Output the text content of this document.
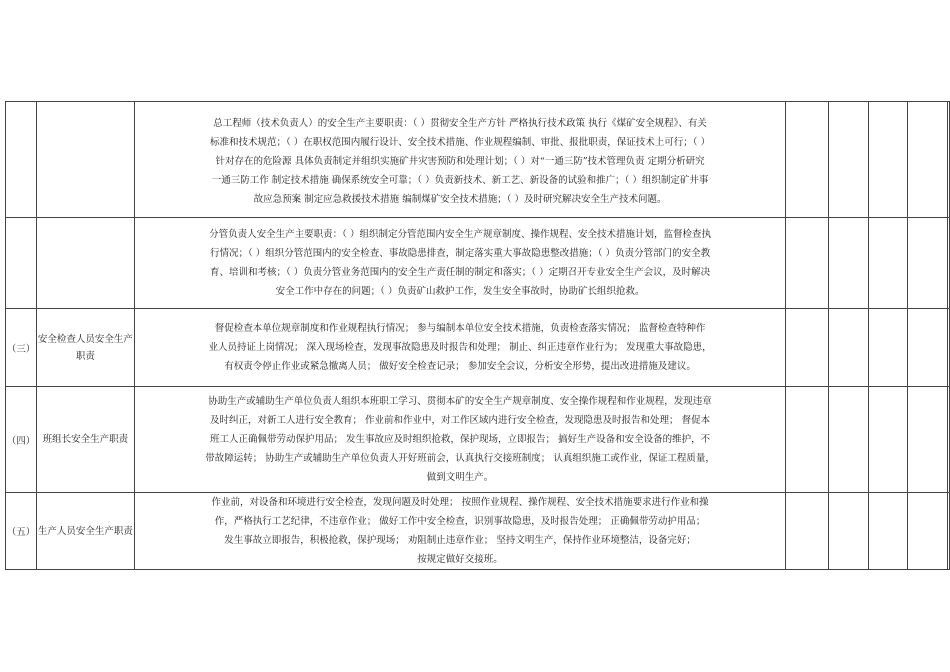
		总工程师（技术负责人）的安全生产主要职责：（ ）贯彻安全生产方针 严格执行技术政策 执行《煤矿安全规程》、有关
标准和技术规范；（ ）在职权范围内履行设计、安全技术措施、作业规程编制、审批、报批职责，保证技术上可行；（ ）
针对存在的危险源 具体负责制定并组织实施矿井灾害预防和处理计划；（ ）对“一通三防”技术管理负责 定期分析研究
一通三防工作 制定技术措施 确保系统安全可靠；（ ）负责新技术、新工艺、新设备的试验和推广；（ ）组织制定矿井事
故应急预案 制定应急救援技术措施 编制煤矿安全技术措施；（ ）及时研究解决安全生产技术问题。					

		分管负责人安全生产主要职责：（ ）组织制定分管范围内安全生产规章制度、操作规程、安全技术措施计划，监督检查执
行情况；（ ）组织分管范围内的安全检查、事故隐患排查，制定落实重大事故隐患整改措施；（ ）负责分管部门的安全教
育、培训和考核；（ ）负责分管业务范围内的安全生产责任制的制定和落实；（ ）定期召开专业安全生产会议，及时解决
安全工作中存在的问题；（ ）负责矿山救护工作，发生安全事故时，协助矿长组织抢救。					

（三）	安全检查人员安全生产职责	督促检查本单位规章制度和作业规程执行情况； 参与编制本单位安全技术措施，负责检查落实情况； 监督检查特种作
业人员持证上岗情况； 深入现场检查，发现事故隐患及时报告和处理； 制止、纠正违章作业行为； 发现重大事故隐患，
有权责令停止作业或紧急撤离人员； 做好安全检查记录； 参加安全会议，分析安全形势，提出改进措施及建议。					

（四）	班组长安全生产职责	协助生产或辅助生产单位负责人组织本班职工学习、贯彻本矿的安全生产规章制度、安全操作规程和作业规程，发现违章
及时纠正，对新工人进行安全教育； 作业前和作业中，对工作区域内进行安全检查，发现隐患及时报告和处理； 督促本
班工人正确佩带劳动保护用品； 发生事故应及时组织抢救，保护现场，立即报告； 搞好生产设备和安全设备的维护，不
带故障运转； 协助生产或辅助生产单位负责人开好班前会，认真执行交接班制度； 认真组织施工或作业，保证工程质量，
做到文明生产。					

（五）	生产人员安全生产职责	作业前，对设备和环境进行安全检查，发现问题及时处理； 按照作业规程、操作规程、安全技术措施要求进行作业和操
作，严格执行工艺纪律，不违章作业； 做好工作中安全检查，识别事故隐患，及时报告处理； 正确佩带劳动护用品；
发生事故立即报告，积极抢救，保护现场； 劝阻制止违章作业； 坚持文明生产，保持作业环境整洁，设备完好；
按规定做好交接班。					
